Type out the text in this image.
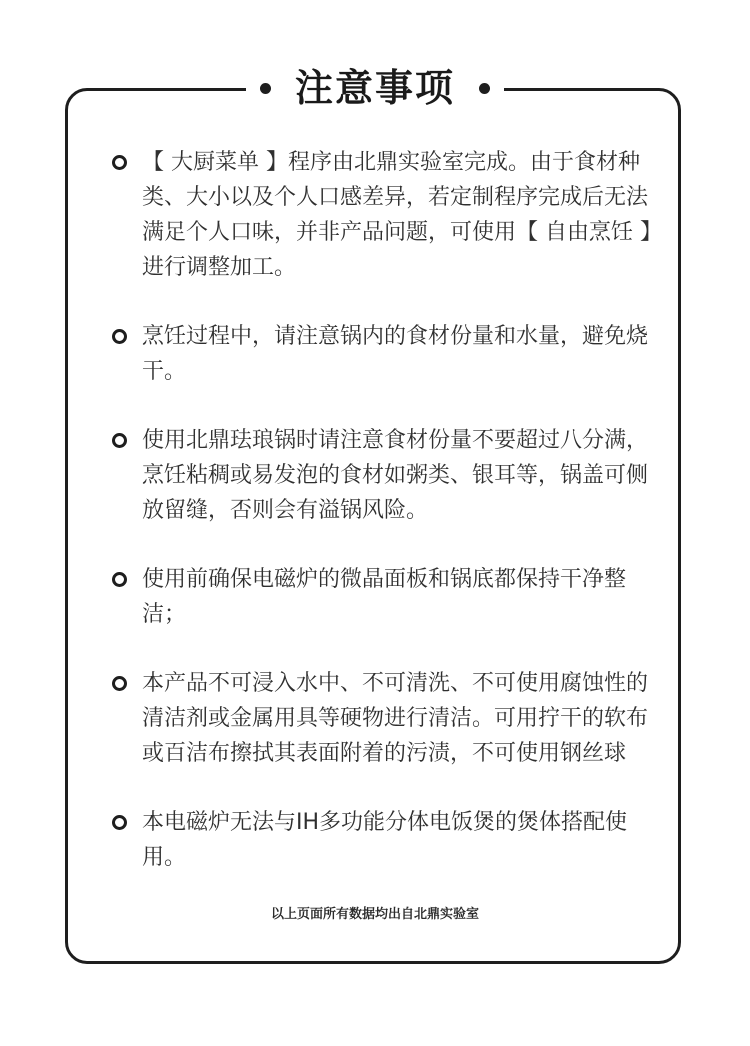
注意事项
【 大厨菜单 】程序由北鼎实验室完成。由于食材种类、大小以及个人口感差异，若定制程序完成后无法满足个人口味，并非产品问题，可使用【 自由烹饪 】进行调整加工。
烹饪过程中，请注意锅内的食材份量和水量，避免烧干。
使用北鼎珐琅锅时请注意食材份量不要超过八分满，烹饪粘稠或易发泡的食材如粥类、银耳等，锅盖可侧放留缝，否则会有溢锅风险。
使用前确保电磁炉的微晶面板和锅底都保持干净整洁；
本产品不可浸入水中、不可清洗、不可使用腐蚀性的清洁剂或金属用具等硬物进行清洁。可用拧干的软布或百洁布擦拭其表面附着的污渍，不可使用钢丝球
本电磁炉无法与IH多功能分体电饭煲的煲体搭配使用。
以上页面所有数据均出自北鼎实验室
